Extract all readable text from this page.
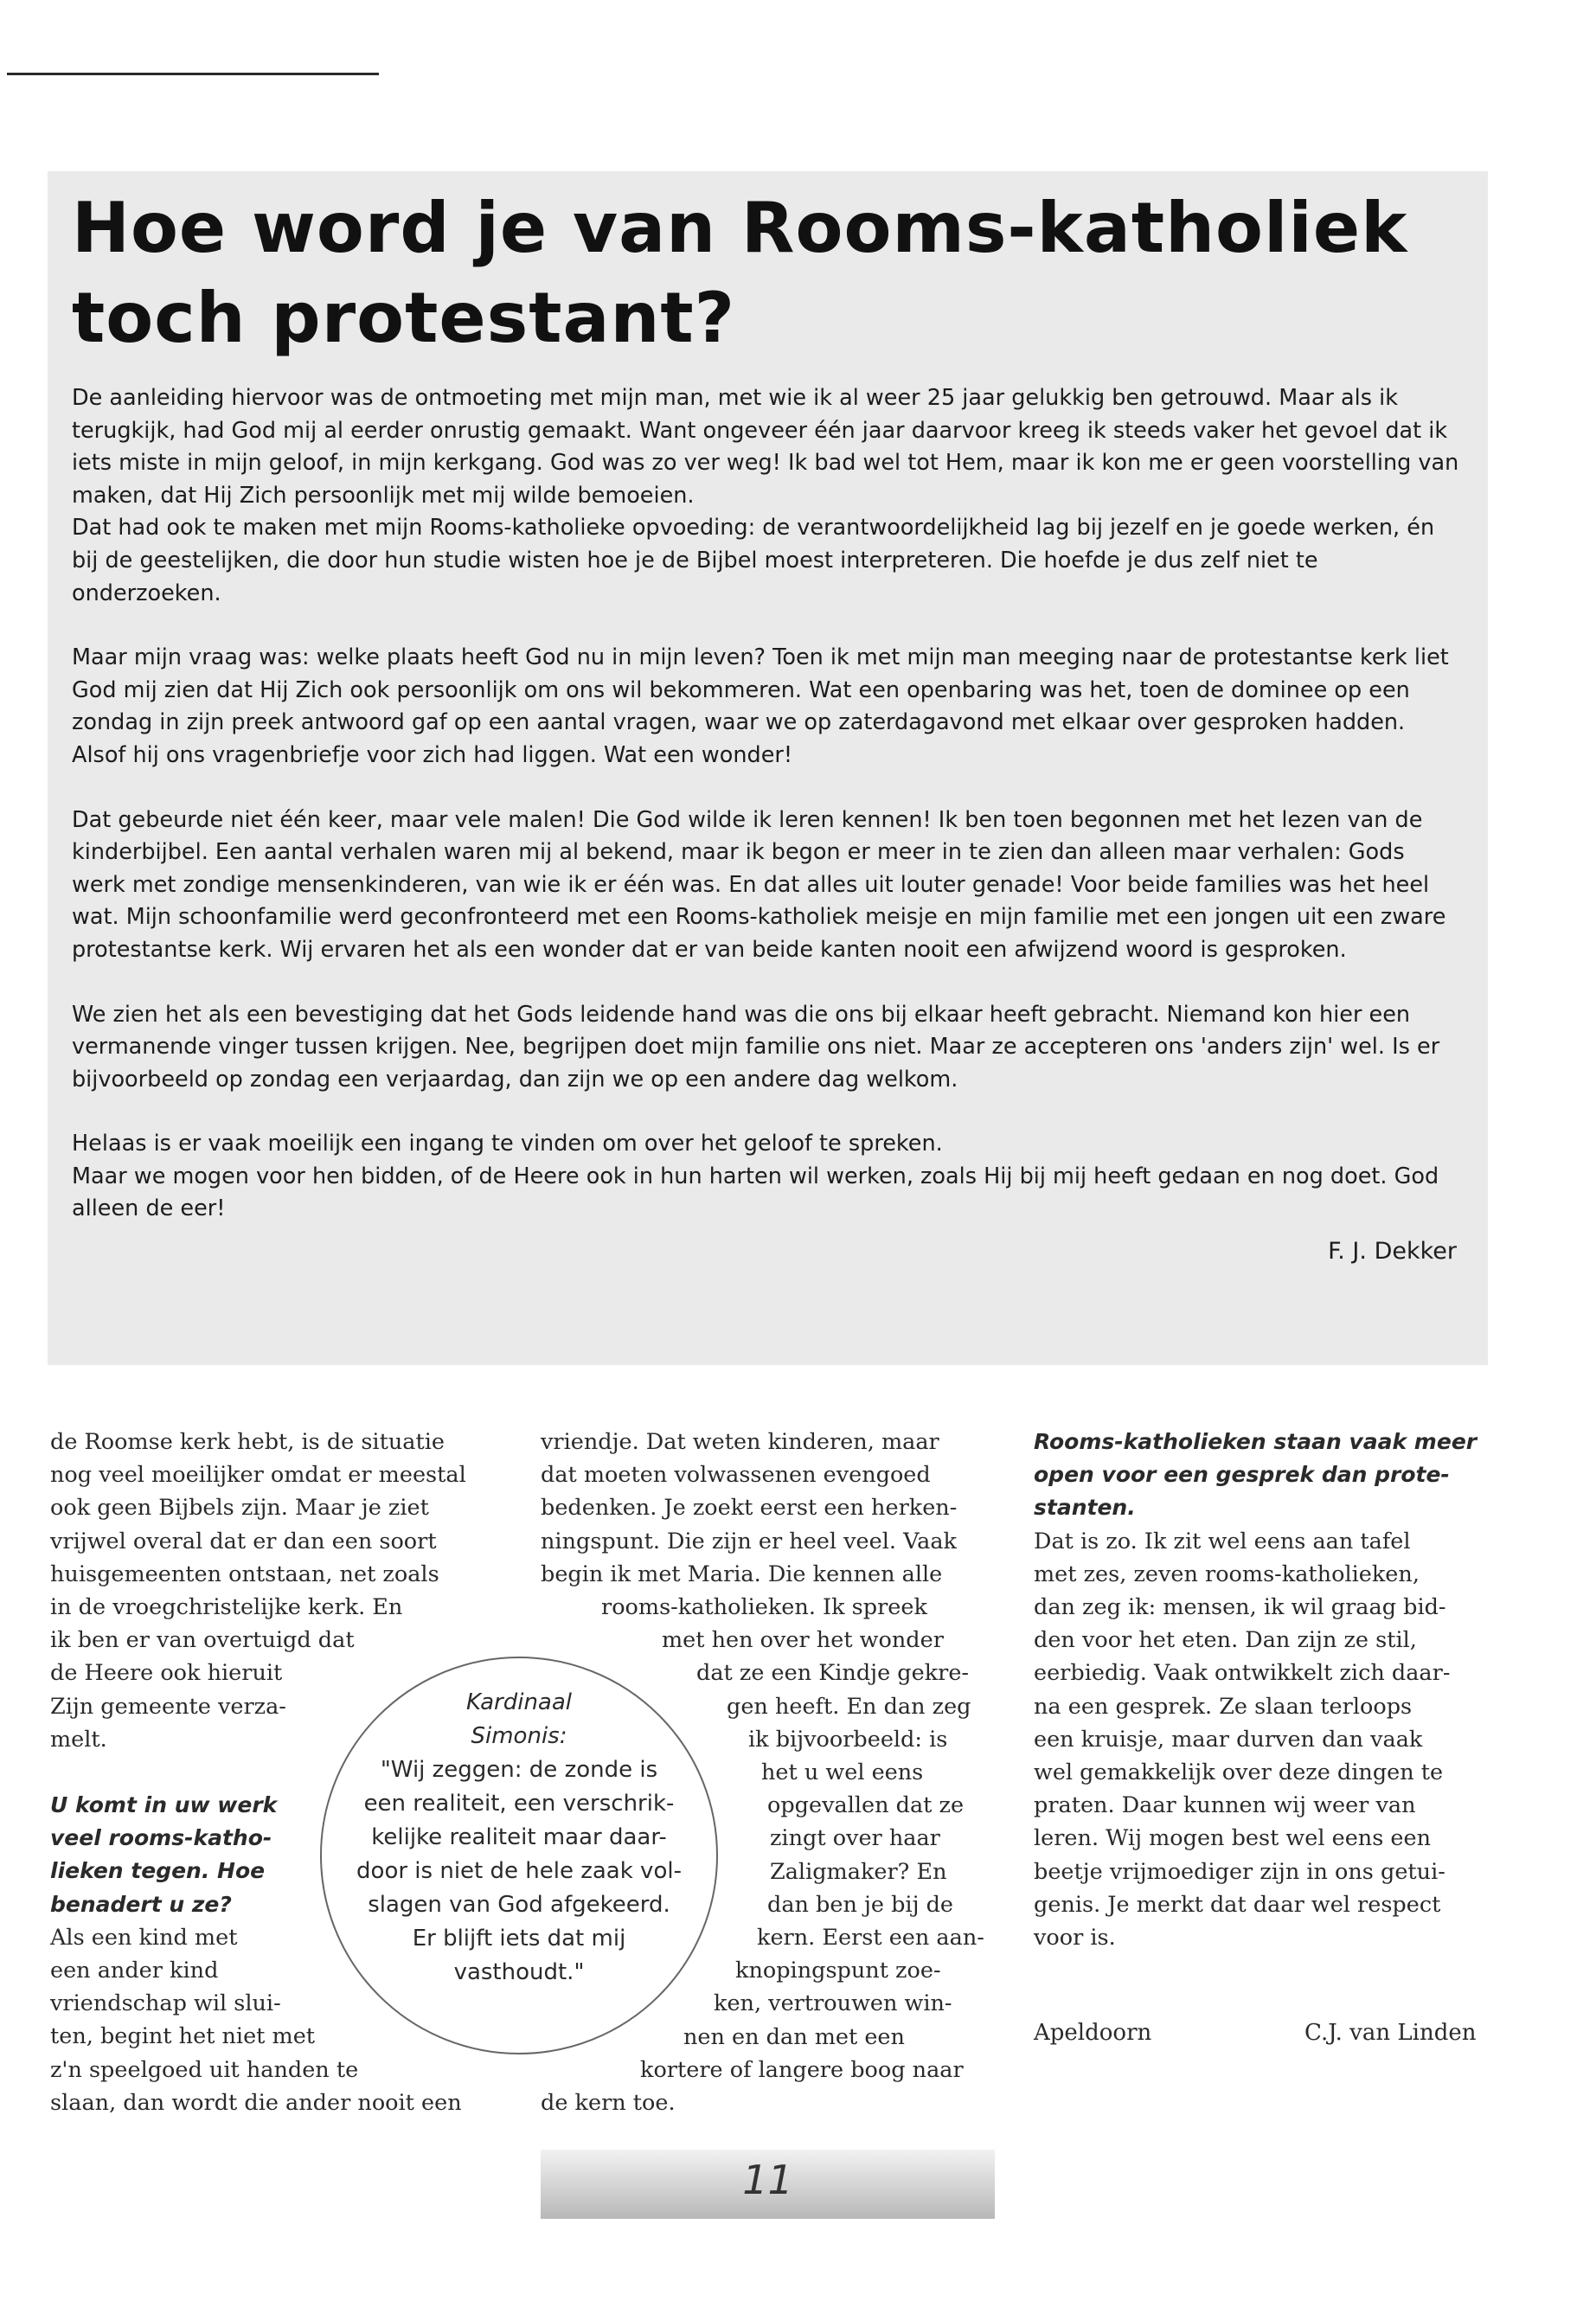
Hoe word je van Rooms-katholiek toch protestant?

De aanleiding hiervoor was de ontmoeting met mijn man, met wie ik al weer 25 jaar gelukkig ben getrouwd. Maar als ik terugkijk, had God mij al eerder onrustig gemaakt. Want ongeveer één jaar daarvoor kreeg ik steeds vaker het gevoel dat ik iets miste in mijn geloof, in mijn kerkgang. God was zo ver weg! Ik bad wel tot Hem, maar ik kon me er geen voorstelling van maken, dat Hij Zich persoonlijk met mij wilde bemoeien.

Dat had ook te maken met mijn Rooms-katholieke opvoeding: de verantwoordelijkheid lag bij jezelf en je goede werken, én bij de geestelijken, die door hun studie wisten hoe je de Bijbel moest interpreteren. Die hoefde je dus zelf niet te onderzoeken.

Maar mijn vraag was: welke plaats heeft God nu in mijn leven? Toen ik met mijn man meeging naar de protestantse kerk liet God mij zien dat Hij Zich ook persoonlijk om ons wil bekommeren. Wat een openbaring was het, toen de dominee op een zondag in zijn preek antwoord gaf op een aantal vragen, waar we op zaterdagavond met elkaar over gesproken hadden. Alsof hij ons vragenbriefje voor zich had liggen. Wat een wonder!

Dat gebeurde niet één keer, maar vele malen! Die God wilde ik leren kennen! Ik ben toen begonnen met het lezen van de kinderbijbel. Een aantal verhalen waren mij al bekend, maar ik begon er meer in te zien dan alleen maar verhalen: Gods werk met zondige mensenkinderen, van wie ik er één was. En dat alles uit louter genade! Voor beide families was het heel wat. Mijn schoonfamilie werd geconfronteerd met een Rooms-katholiek meisje en mijn familie met een jongen uit een zware protestantse kerk. Wij ervaren het als een wonder dat er van beide kanten nooit een afwijzend woord is gesproken.

We zien het als een bevestiging dat het Gods leidende hand was die ons bij elkaar heeft gebracht. Niemand kon hier een vermanende vinger tussen krijgen. Nee, begrijpen doet mijn familie ons niet. Maar ze accepteren ons 'anders zijn' wel. Is er bijvoorbeeld op zondag een verjaardag, dan zijn we op een andere dag welkom.

Helaas is er vaak moeilijk een ingang te vinden om over het geloof te spreken.

Maar we mogen voor hen bidden, of de Heere ook in hun harten wil werken, zoals Hij bij mij heeft gedaan en nog doet. God alleen de eer!

F. J. Dekker
de Roomse kerk hebt, is de situatie
nog veel moeilijker omdat er meestal
ook geen Bijbels zijn. Maar je ziet
vrijwel overal dat er dan een soort
huisgemeenten ontstaan, net zoals
in de vroegchristelijke kerk. En
ik ben er van overtuigd dat
de Heere ook hieruit
Zijn gemeente verza-
melt.
U komt in uw werk
veel rooms-katho-
lieken tegen. Hoe
benadert u ze?
Als een kind met
een ander kind
vriendschap wil slui-
ten, begint het niet met
z'n speelgoed uit handen te
slaan, dan wordt die ander nooit een
vriendje. Dat weten kinderen, maar
dat moeten volwassenen evengoed
bedenken. Je zoekt eerst een herken-
ningspunt. Die zijn er heel veel. Vaak
begin ik met Maria. Die kennen alle
rooms-katholieken. Ik spreek
met hen over het wonder
dat ze een Kindje gekre-
gen heeft. En dan zeg
ik bijvoorbeeld: is
het u wel eens
opgevallen dat ze
zingt over haar
Zaligmaker? En
dan ben je bij de
kern. Eerst een aan-
knopingspunt zoe-
ken, vertrouwen win-
nen en dan met een
kortere of langere boog naar
de kern toe.
Rooms-katholieken staan vaak meer
open voor een gesprek dan prote-
stanten.
Dat is zo. Ik zit wel eens aan tafel
met zes, zeven rooms-katholieken,
dan zeg ik: mensen, ik wil graag bid-
den voor het eten. Dan zijn ze stil,
eerbiedig. Vaak ontwikkelt zich daar-
na een gesprek. Ze slaan terloops
een kruisje, maar durven dan vaak
wel gemakkelijk over deze dingen te
praten. Daar kunnen wij weer van
leren. Wij mogen best wel eens een
beetje vrijmoediger zijn in ons getui-
genis. Je merkt dat daar wel respect
voor is.
Kardinaal
Simonis:
"Wij zeggen: de zonde is
een realiteit, een verschrik-
kelijke realiteit maar daar-
door is niet de hele zaak vol-
slagen van God afgekeerd.
Er blijft iets dat mij
vasthoudt."
Apeldoorn	C.J. van Linden
11
